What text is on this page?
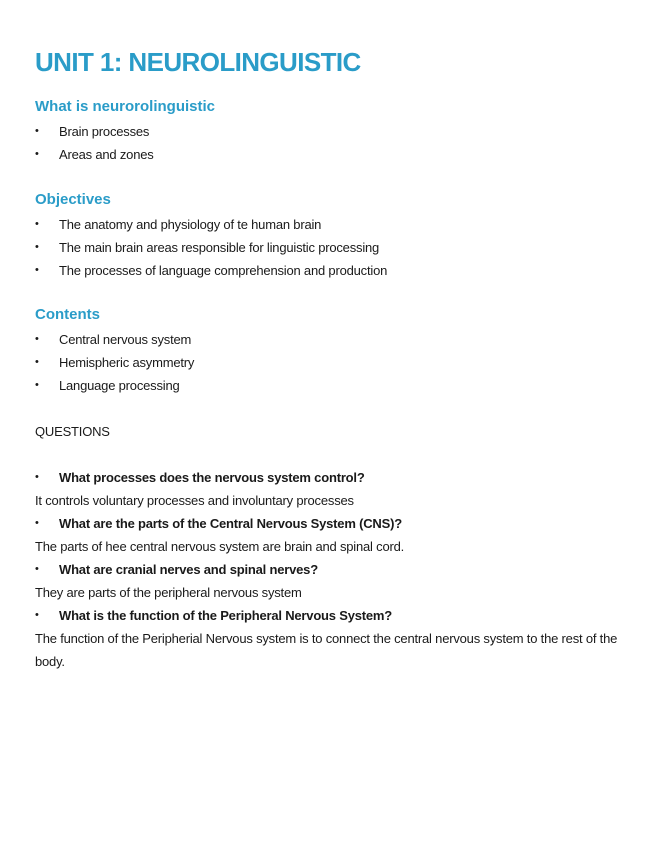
UNIT 1: NEUROLINGUISTIC
What is neurorolinguistic
• Brain processes
• Areas and zones
Objectives
• The anatomy and physiology of te human brain
• The main brain areas responsible for linguistic processing
• The processes of language comprehension and production
Contents
• Central nervous system
• Hemispheric asymmetry
• Language processing

QUESTIONS

• What processes does the nervous system control?

It controls voluntary processes and involuntary processes

• What are the parts of the Central Nervous System (CNS)?

The parts of hee central nervous system are brain and spinal cord.

• What are cranial nerves and spinal nerves?

They are parts of the peripheral nervous system

• What is the function of the Peripheral Nervous System?

The function of the Peripherial Nervous system is to connect the central nervous system to the rest of the body.
